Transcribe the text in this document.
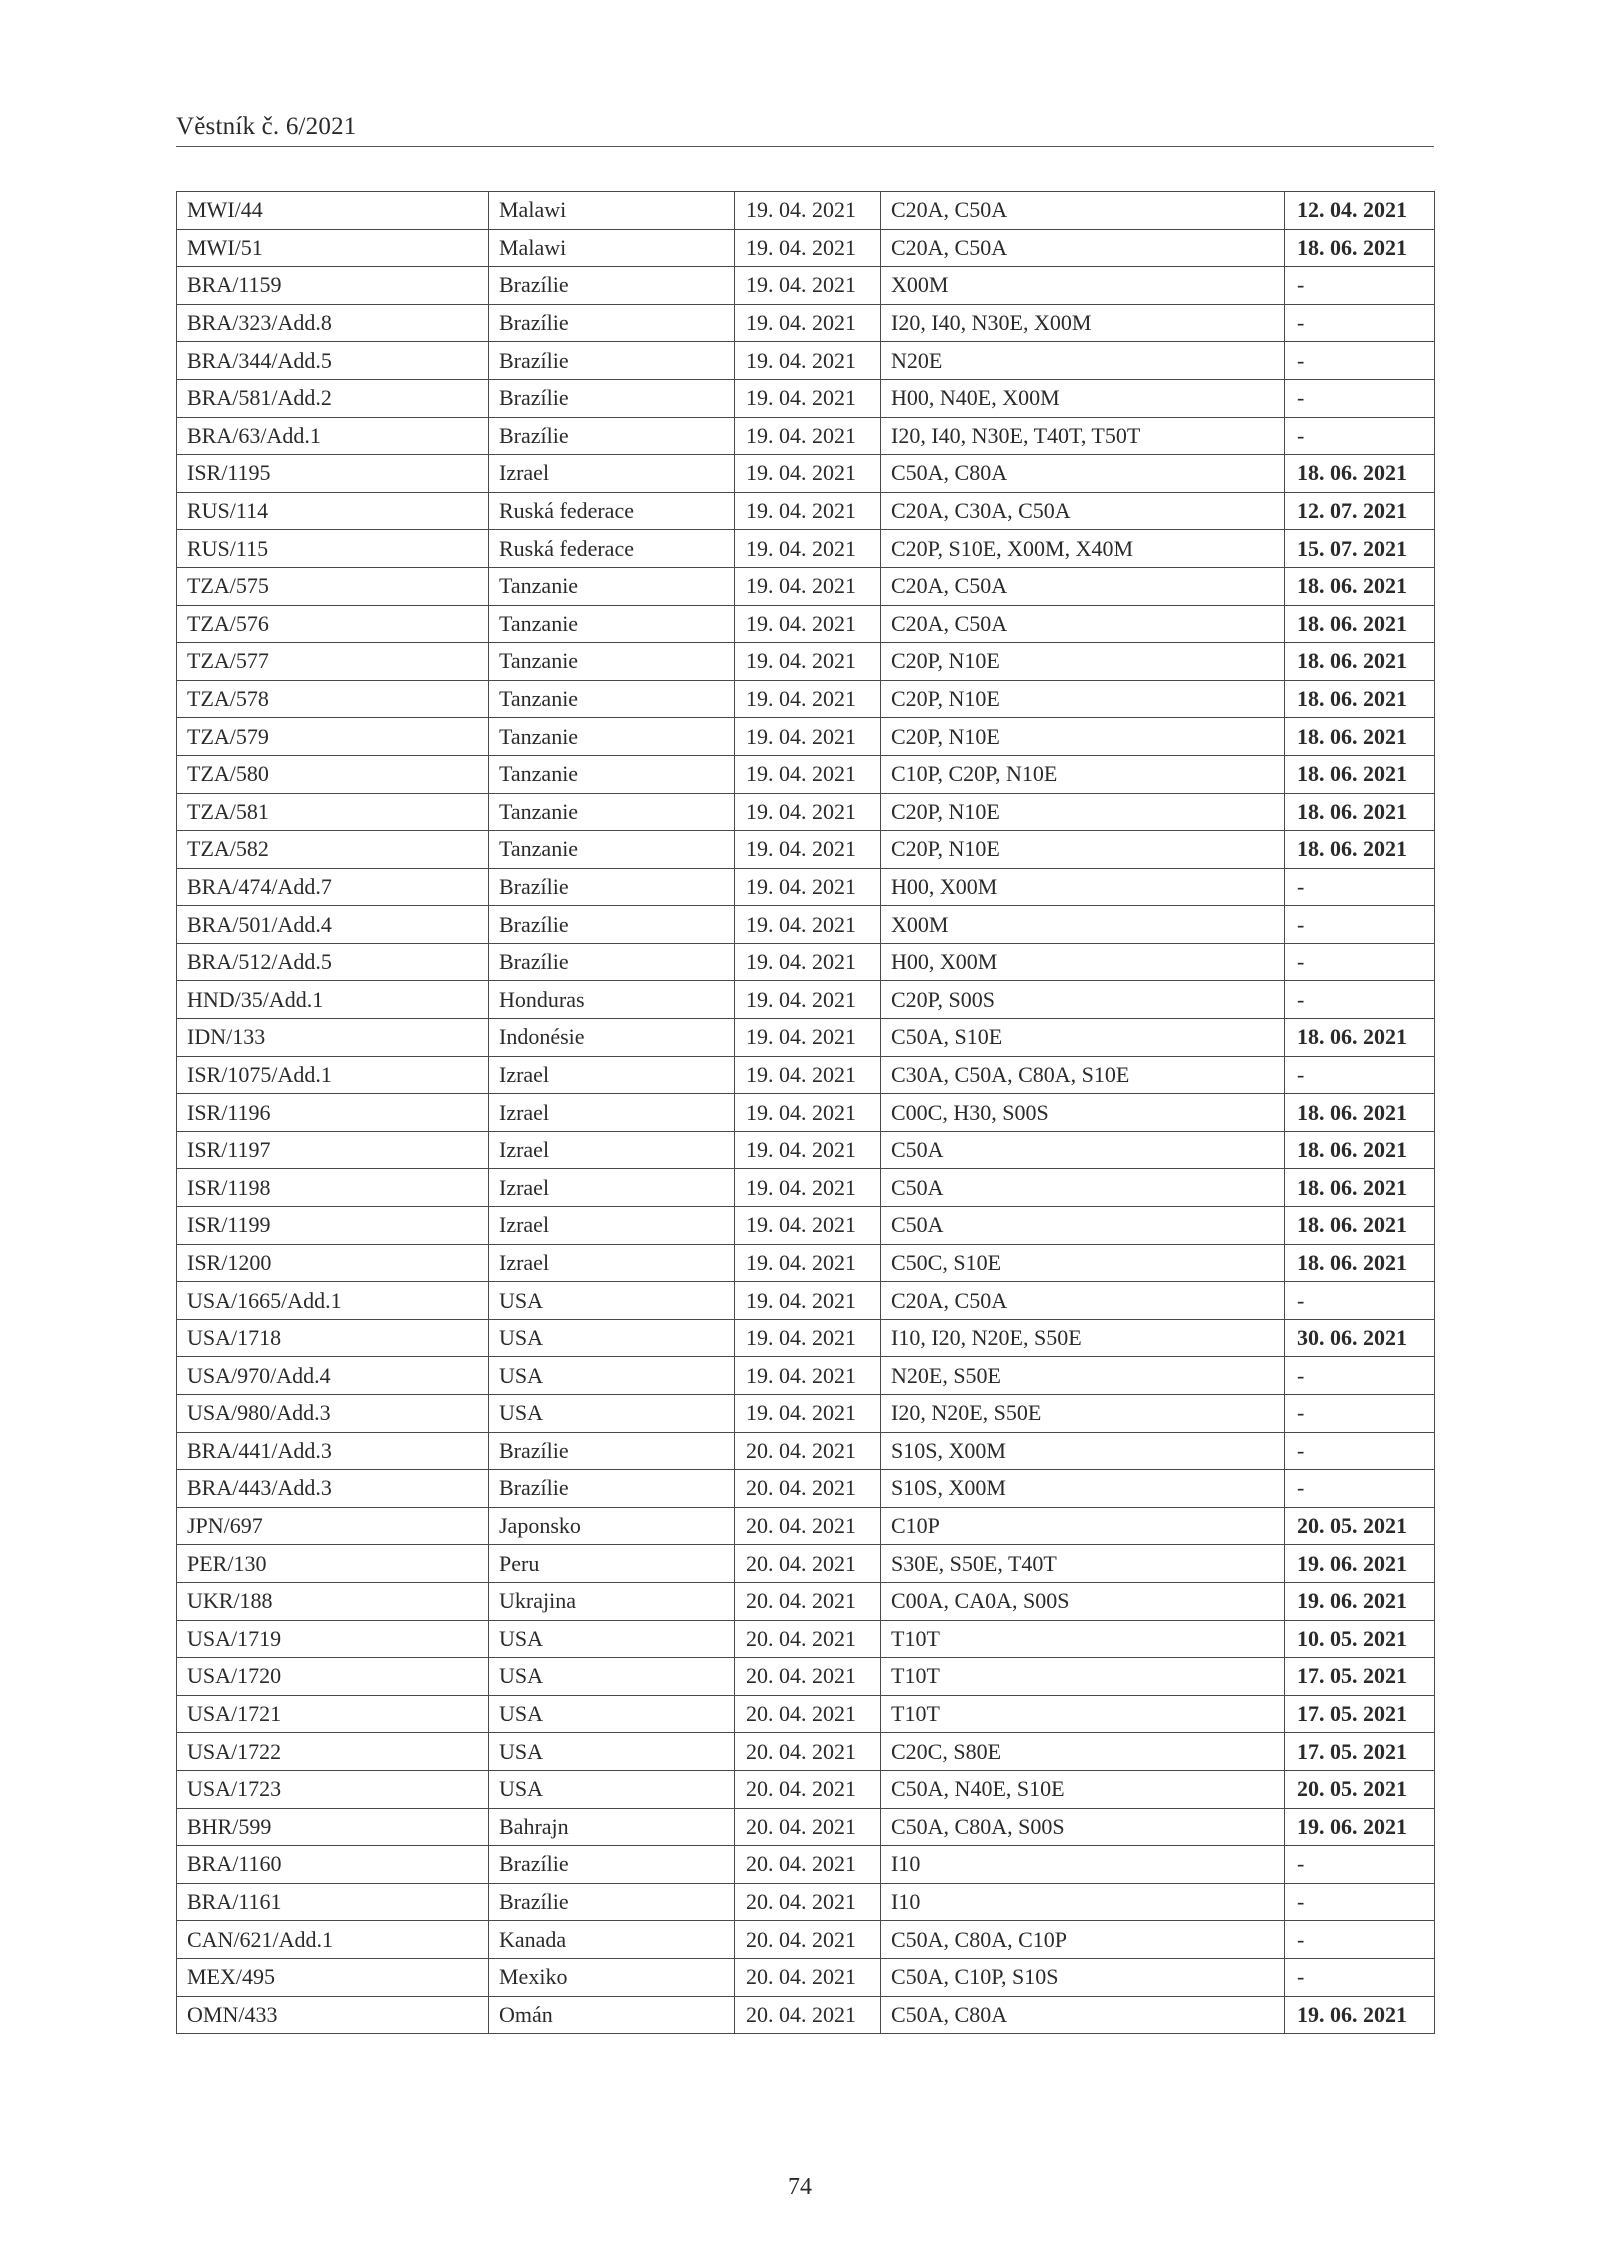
Věstník č. 6/2021
MWI/44	Malawi	19. 04. 2021	C20A, C50A	12. 04. 2021
MWI/51	Malawi	19. 04. 2021	C20A, C50A	18. 06. 2021
BRA/1159	Brazílie	19. 04. 2021	X00M	-
BRA/323/Add.8	Brazílie	19. 04. 2021	I20, I40, N30E, X00M	-
BRA/344/Add.5	Brazílie	19. 04. 2021	N20E	-
BRA/581/Add.2	Brazílie	19. 04. 2021	H00, N40E, X00M	-
BRA/63/Add.1	Brazílie	19. 04. 2021	I20, I40, N30E, T40T, T50T	-
ISR/1195	Izrael	19. 04. 2021	C50A, C80A	18. 06. 2021
RUS/114	Ruská federace	19. 04. 2021	C20A, C30A, C50A	12. 07. 2021
RUS/115	Ruská federace	19. 04. 2021	C20P, S10E, X00M, X40M	15. 07. 2021
TZA/575	Tanzanie	19. 04. 2021	C20A, C50A	18. 06. 2021
TZA/576	Tanzanie	19. 04. 2021	C20A, C50A	18. 06. 2021
TZA/577	Tanzanie	19. 04. 2021	C20P, N10E	18. 06. 2021
TZA/578	Tanzanie	19. 04. 2021	C20P, N10E	18. 06. 2021
TZA/579	Tanzanie	19. 04. 2021	C20P, N10E	18. 06. 2021
TZA/580	Tanzanie	19. 04. 2021	C10P, C20P, N10E	18. 06. 2021
TZA/581	Tanzanie	19. 04. 2021	C20P, N10E	18. 06. 2021
TZA/582	Tanzanie	19. 04. 2021	C20P, N10E	18. 06. 2021
BRA/474/Add.7	Brazílie	19. 04. 2021	H00, X00M	-
BRA/501/Add.4	Brazílie	19. 04. 2021	X00M	-
BRA/512/Add.5	Brazílie	19. 04. 2021	H00, X00M	-
HND/35/Add.1	Honduras	19. 04. 2021	C20P, S00S	-
IDN/133	Indonésie	19. 04. 2021	C50A, S10E	18. 06. 2021
ISR/1075/Add.1	Izrael	19. 04. 2021	C30A, C50A, C80A, S10E	-
ISR/1196	Izrael	19. 04. 2021	C00C, H30, S00S	18. 06. 2021
ISR/1197	Izrael	19. 04. 2021	C50A	18. 06. 2021
ISR/1198	Izrael	19. 04. 2021	C50A	18. 06. 2021
ISR/1199	Izrael	19. 04. 2021	C50A	18. 06. 2021
ISR/1200	Izrael	19. 04. 2021	C50C, S10E	18. 06. 2021
USA/1665/Add.1	USA	19. 04. 2021	C20A, C50A	-
USA/1718	USA	19. 04. 2021	I10, I20, N20E, S50E	30. 06. 2021
USA/970/Add.4	USA	19. 04. 2021	N20E, S50E	-
USA/980/Add.3	USA	19. 04. 2021	I20, N20E, S50E	-
BRA/441/Add.3	Brazílie	20. 04. 2021	S10S, X00M	-
BRA/443/Add.3	Brazílie	20. 04. 2021	S10S, X00M	-
JPN/697	Japonsko	20. 04. 2021	C10P	20. 05. 2021
PER/130	Peru	20. 04. 2021	S30E, S50E, T40T	19. 06. 2021
UKR/188	Ukrajina	20. 04. 2021	C00A, CA0A, S00S	19. 06. 2021
USA/1719	USA	20. 04. 2021	T10T	10. 05. 2021
USA/1720	USA	20. 04. 2021	T10T	17. 05. 2021
USA/1721	USA	20. 04. 2021	T10T	17. 05. 2021
USA/1722	USA	20. 04. 2021	C20C, S80E	17. 05. 2021
USA/1723	USA	20. 04. 2021	C50A, N40E, S10E	20. 05. 2021
BHR/599	Bahrajn	20. 04. 2021	C50A, C80A, S00S	19. 06. 2021
BRA/1160	Brazílie	20. 04. 2021	I10	-
BRA/1161	Brazílie	20. 04. 2021	I10	-
CAN/621/Add.1	Kanada	20. 04. 2021	C50A, C80A, C10P	-
MEX/495	Mexiko	20. 04. 2021	C50A, C10P, S10S	-
OMN/433	Omán	20. 04. 2021	C50A, C80A	19. 06. 2021
74
